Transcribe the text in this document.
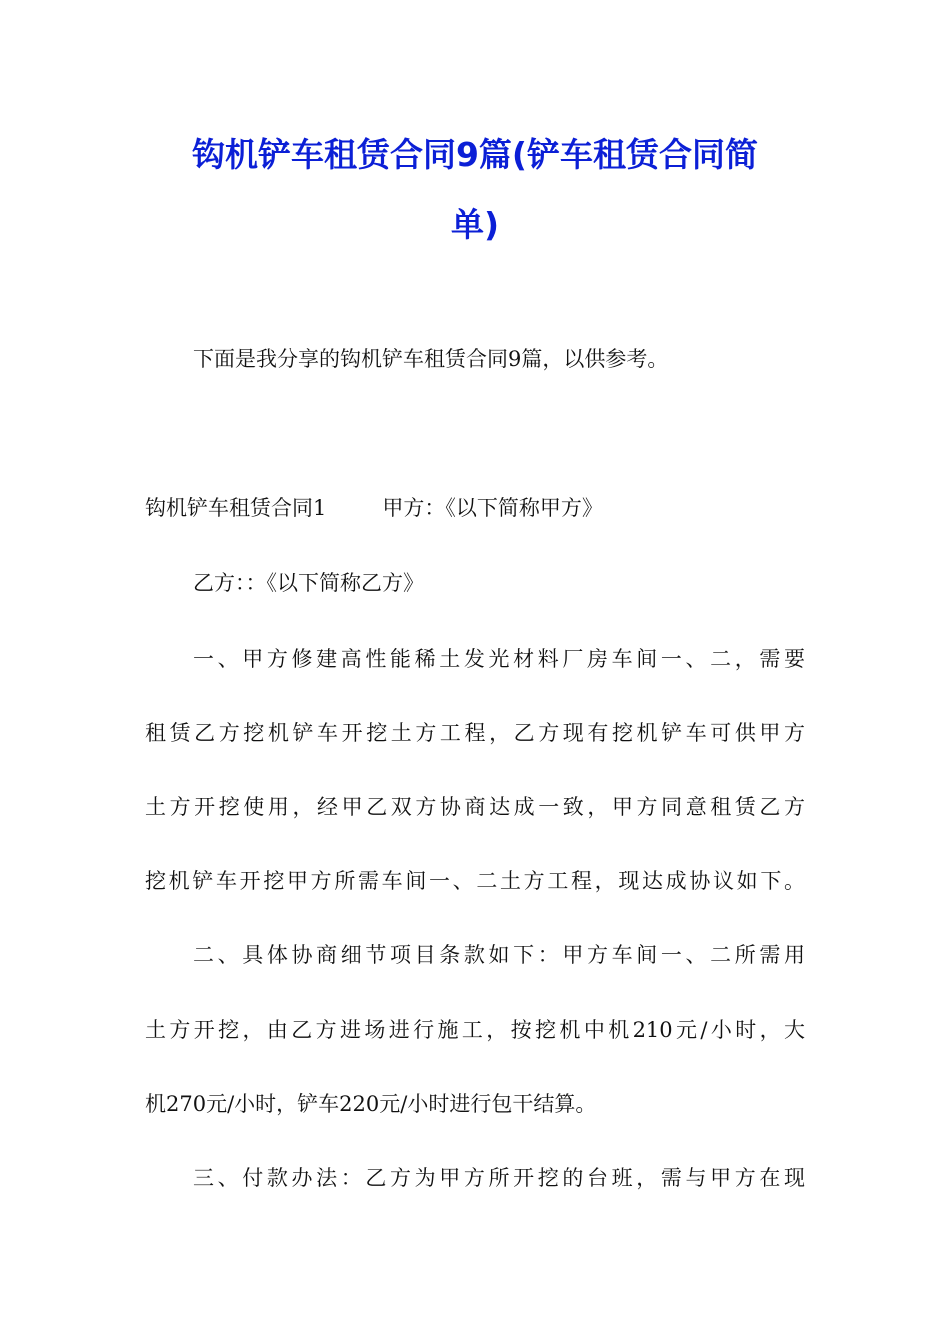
钩机铲车租赁合同9篇(铲车租赁合同简
单)

下面是我分享的钩机铲车租赁合同9篇，以供参考。

钩机铲车租赁合同1	甲方：《以下简称甲方》

乙方：：《以下简称乙方》

一、甲方修建高性能稀土发光材料厂房车间一、二，需要

租赁乙方挖机铲车开挖土方工程，乙方现有挖机铲车可供甲方

土方开挖使用，经甲乙双方协商达成一致，甲方同意租赁乙方

挖机铲车开挖甲方所需车间一、二土方工程，现达成协议如下。

二、具体协商细节项目条款如下：甲方车间一、二所需用

土方开挖，由乙方进场进行施工，按挖机中机210元/小时，大

机270元/小时，铲车220元/小时进行包干结算。

三、付款办法：乙方为甲方所开挖的台班，需与甲方在现
